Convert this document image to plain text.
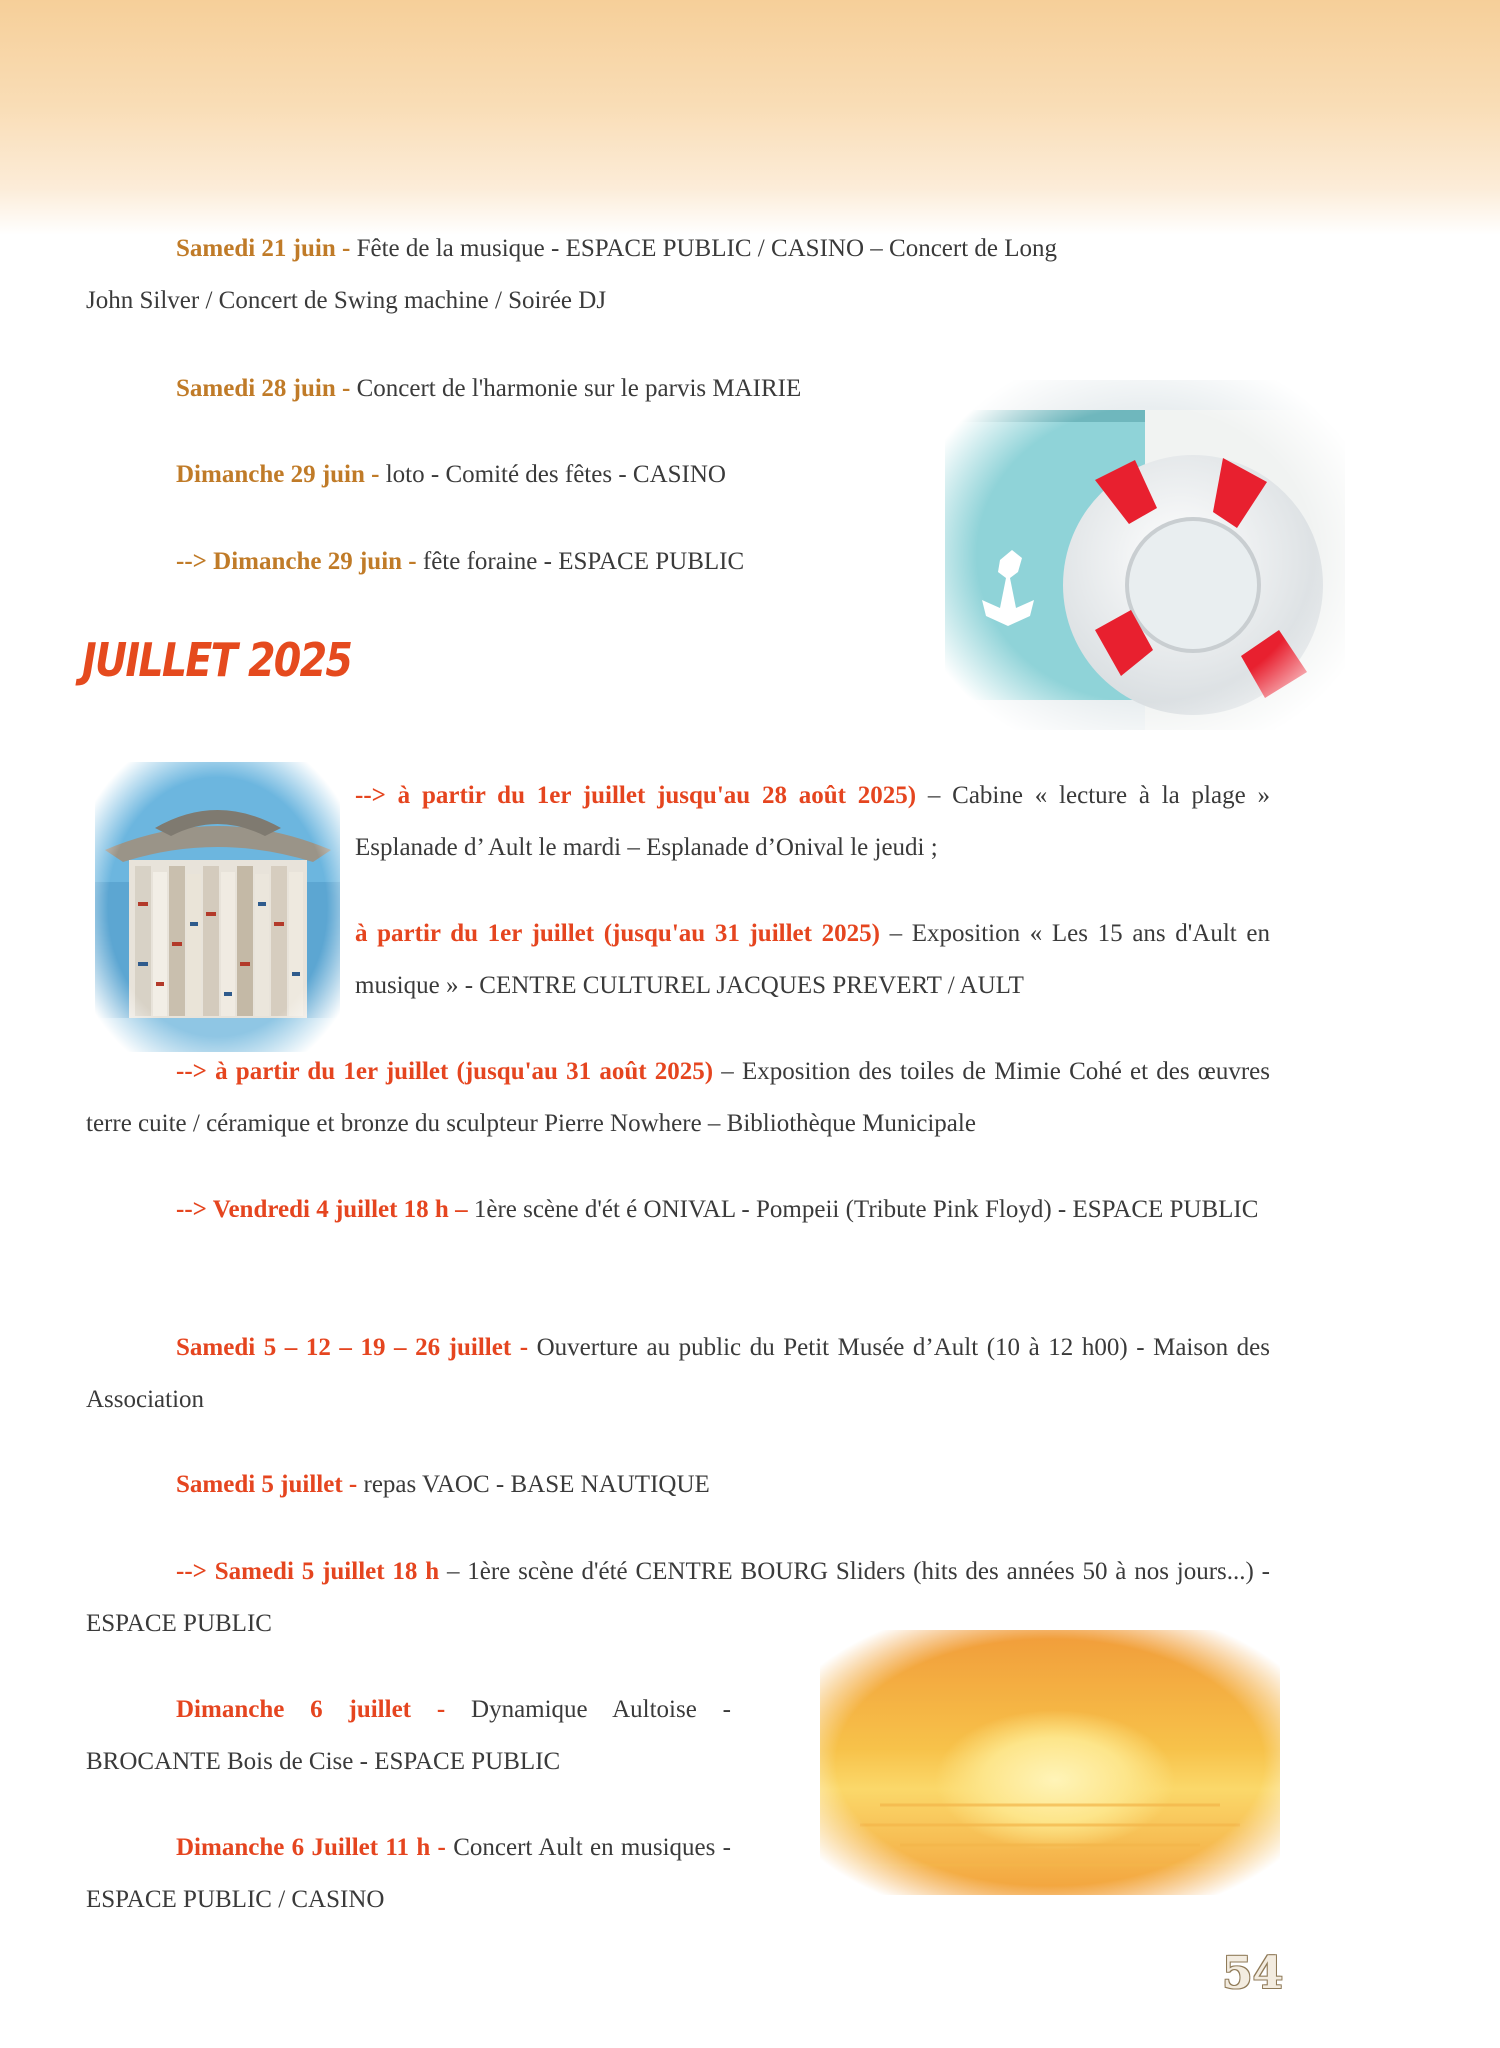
Samedi 21 juin - Fête de la musique - ESPACE PUBLIC / CASINO – Concert de Long John Silver / Concert de Swing machine / Soirée DJ

Samedi 28 juin - Concert de l'harmonie sur le parvis MAIRIE

Dimanche 29 juin - loto - Comité des fêtes - CASINO

--> Dimanche 29 juin - fête foraine - ESPACE PUBLIC

JUILLET 2025

--> à partir du 1er juillet jusqu'au 28 août 2025) – Cabine « lecture à la plage » Esplanade d’ Ault le mardi – Esplanade d’Onival le jeudi ;

à partir du 1er juillet (jusqu'au 31 juillet 2025) – Exposition « Les 15 ans d'Ault en musique » - CENTRE CULTUREL JACQUES PREVERT / AULT

--> à partir du 1er juillet (jusqu'au 31 août 2025) – Exposition des toiles de Mimie Cohé et des œuvres terre cuite / céramique et bronze du sculpteur Pierre Nowhere – Bibliothèque Municipale

--> Vendredi 4 juillet 18 h – 1ère scène d'ét é ONIVAL - Pompeii (Tribute Pink Floyd) - ESPACE PUBLIC

Samedi 5 – 12 – 19 – 26 juillet - Ouverture au public du Petit Musée d’Ault (10 à 12 h00) - Maison des Association

Samedi 5 juillet - repas VAOC - BASE NAUTIQUE

--> Samedi 5 juillet 18 h – 1ère scène d'été CENTRE BOURG Sliders (hits des années 50 à nos jours...) - ESPACE PUBLIC

Dimanche 6 juillet - Dynamique Aultoise - BROCANTE Bois de Cise - ESPACE PUBLIC

Dimanche 6 Juillet 11 h - Concert Ault en musiques - ESPACE PUBLIC / CASINO

54
